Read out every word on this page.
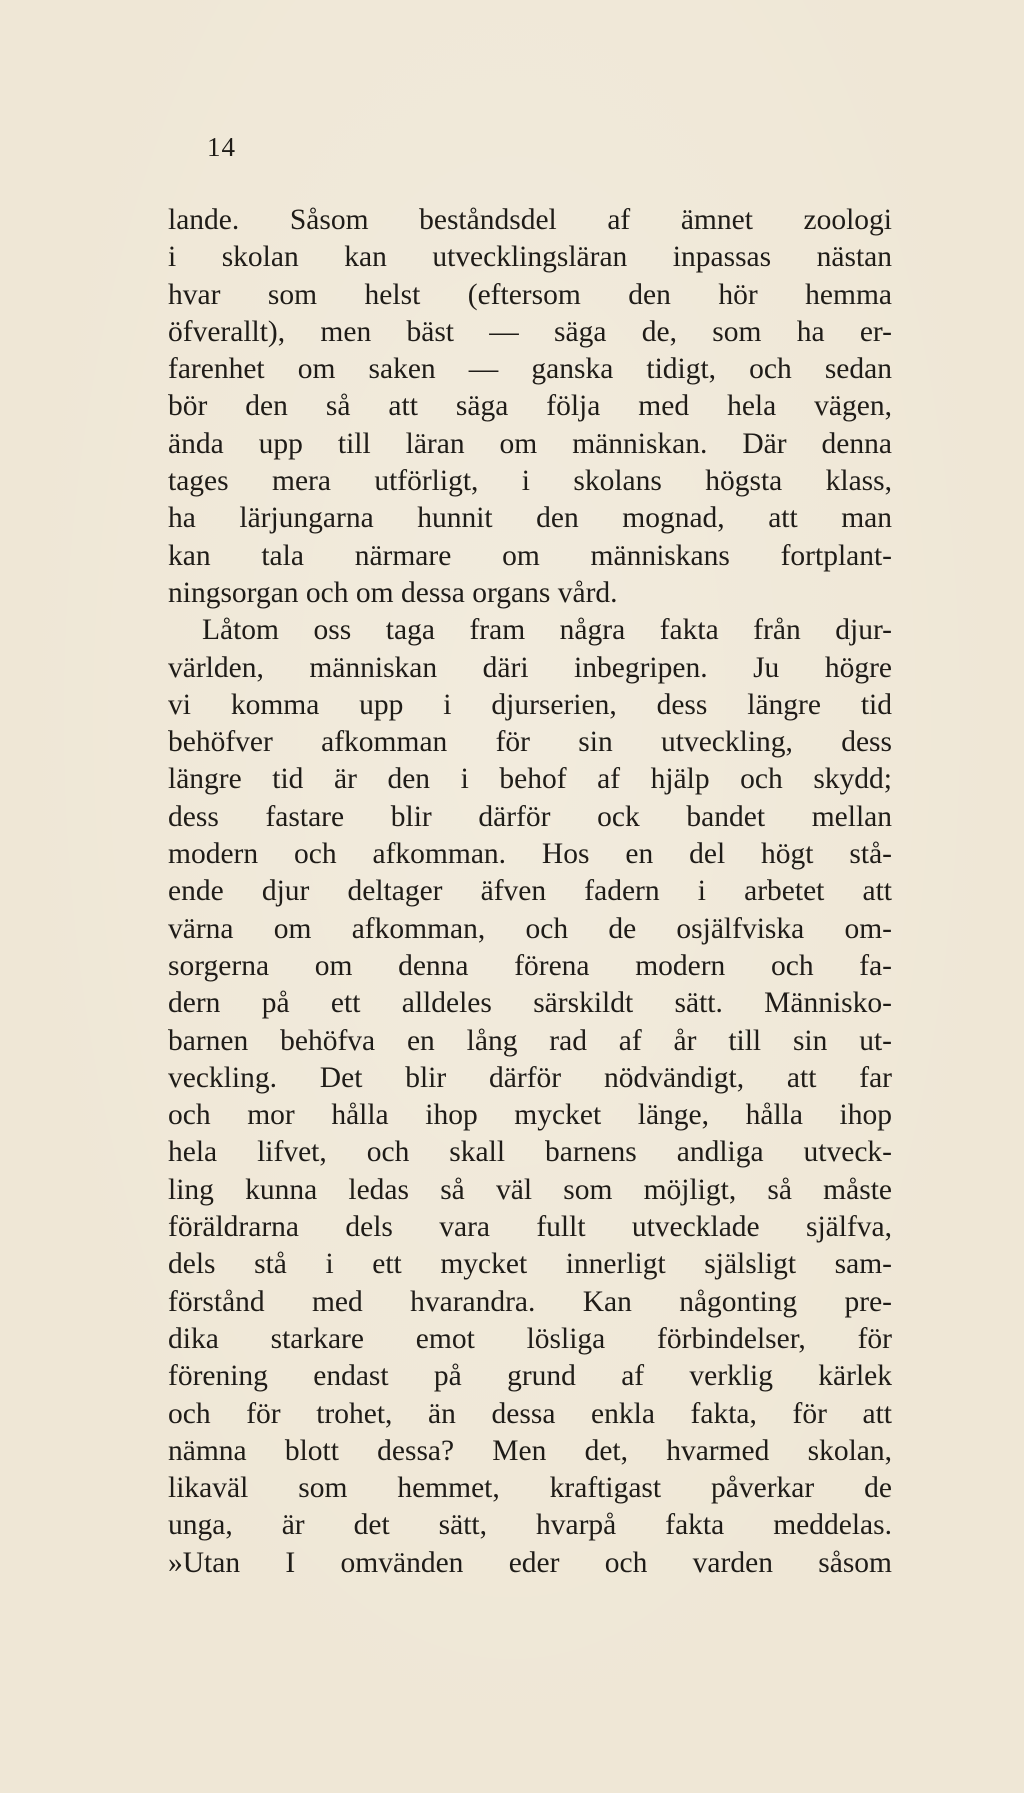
14
lande. Såsom beståndsdel af ämnet zoologi
i skolan kan utvecklingsläran inpassas nästan
hvar som helst (eftersom den hör hemma
öfverallt), men bäst — säga de, som ha er-
farenhet om saken — ganska tidigt, och sedan
bör den så att säga följa med hela vägen,
ända upp till läran om människan. Där denna
tages mera utförligt, i skolans högsta klass,
ha lärjungarna hunnit den mognad, att man
kan tala närmare om människans fortplant-
ningsorgan och om dessa organs vård.
Låtom oss taga fram några fakta från djur-
världen, människan däri inbegripen. Ju högre
vi komma upp i djurserien, dess längre tid
behöfver afkomman för sin utveckling, dess
längre tid är den i behof af hjälp och skydd;
dess fastare blir därför ock bandet mellan
modern och afkomman. Hos en del högt stå-
ende djur deltager äfven fadern i arbetet att
värna om afkomman, och de osjälfviska om-
sorgerna om denna förena modern och fa-
dern på ett alldeles särskildt sätt. Människo-
barnen behöfva en lång rad af år till sin ut-
veckling. Det blir därför nödvändigt, att far
och mor hålla ihop mycket länge, hålla ihop
hela lifvet, och skall barnens andliga utveck-
ling kunna ledas så väl som möjligt, så måste
föräldrarna dels vara fullt utvecklade själfva,
dels stå i ett mycket innerligt själsligt sam-
förstånd med hvarandra. Kan någonting pre-
dika starkare emot lösliga förbindelser, för
förening endast på grund af verklig kärlek
och för trohet, än dessa enkla fakta, för att
nämna blott dessa? Men det, hvarmed skolan,
likaväl som hemmet, kraftigast påverkar de
unga, är det sätt, hvarpå fakta meddelas.
»Utan I omvänden eder och varden såsom
